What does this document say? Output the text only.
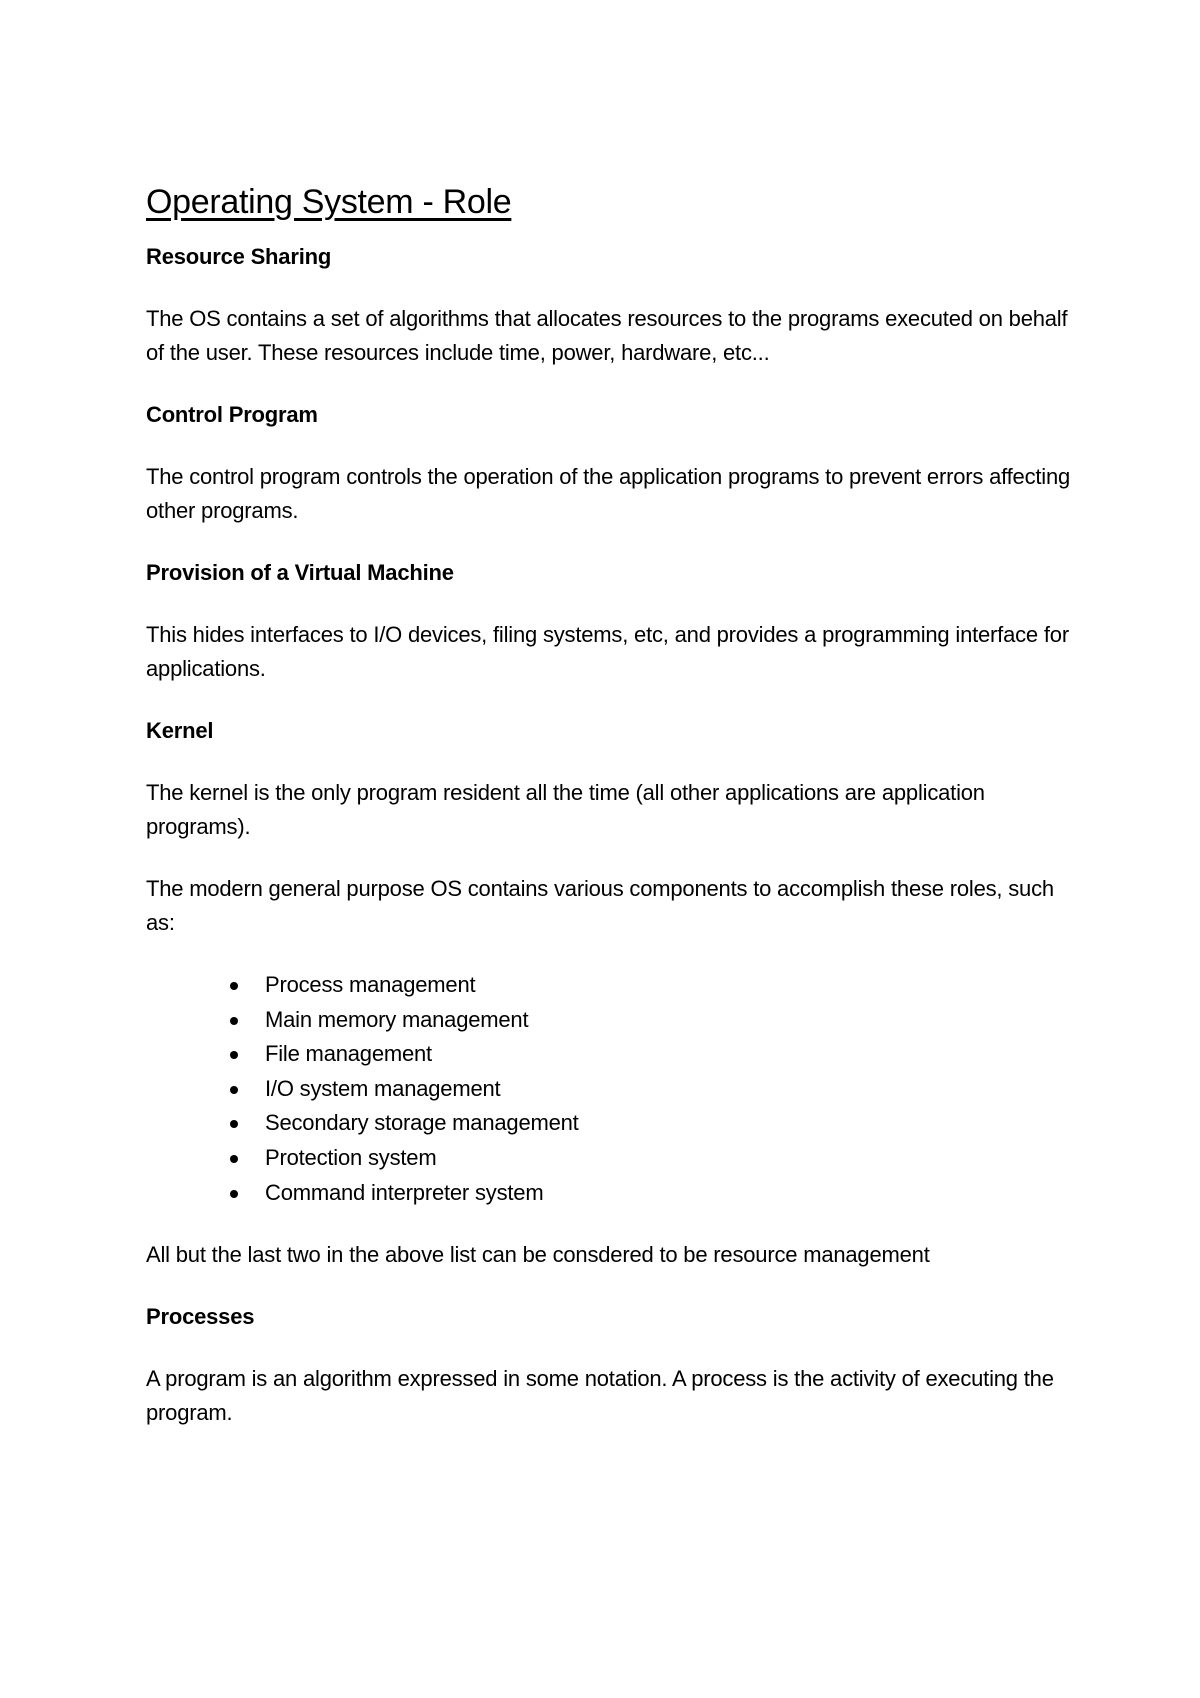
Operating System - Role

Resource Sharing

The OS contains a set of algorithms that allocates resources to the programs executed on behalf of the user. These resources include time, power, hardware, etc...

Control Program

The control program controls the operation of the application programs to prevent errors affecting other programs.

Provision of a Virtual Machine

This hides interfaces to I/O devices, filing systems, etc, and provides a programming interface for applications.

Kernel

The kernel is the only program resident all the time (all other applications are application programs).

The modern general purpose OS contains various components to accomplish these roles, such as:

Process management
Main memory management
File management
I/O system management
Secondary storage management
Protection system
Command interpreter system

All but the last two in the above list can be consdered to be resource management

Processes

A program is an algorithm expressed in some notation. A process is the activity of executing the program.
